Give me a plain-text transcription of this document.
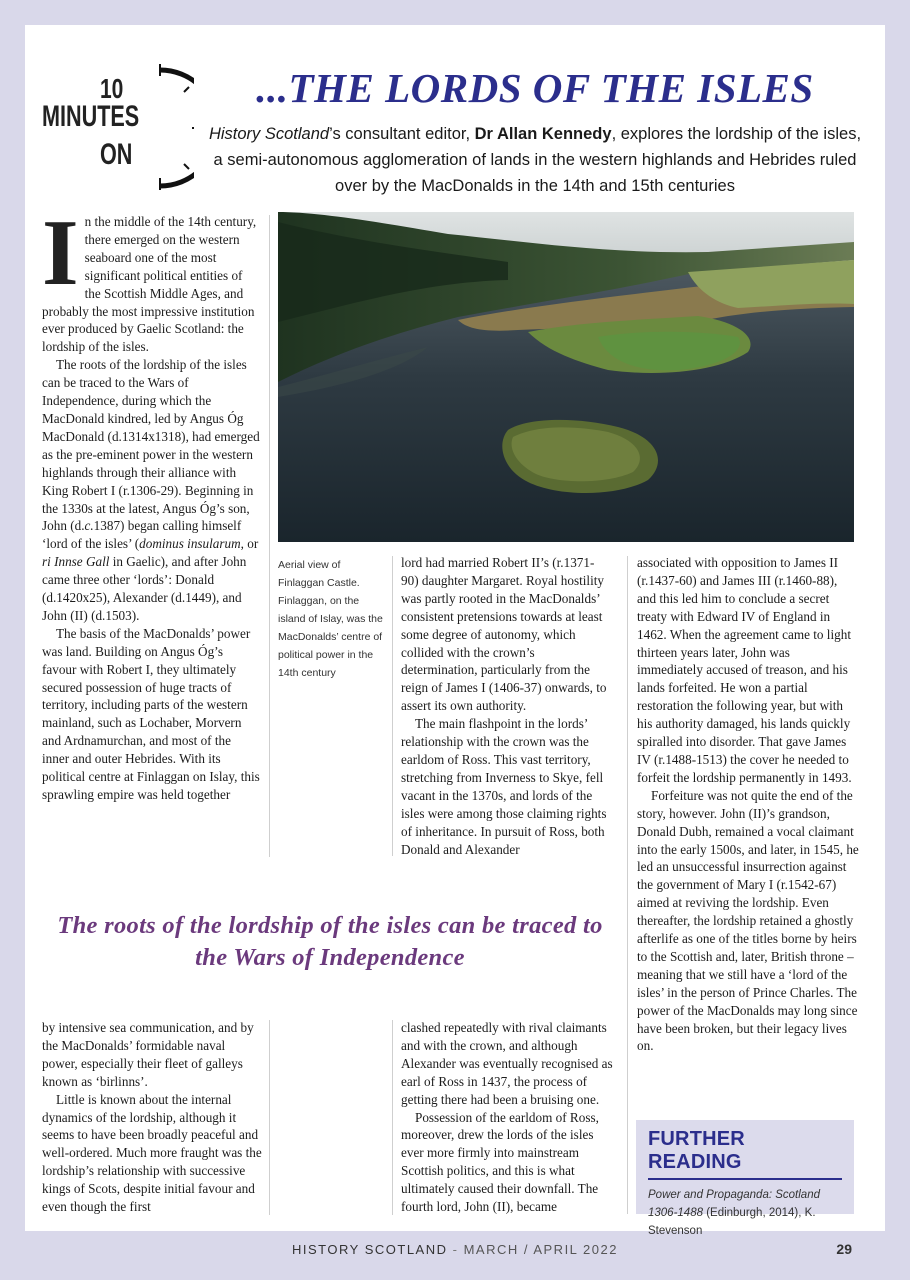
10
MINUTES
ON
...THE LORDS OF THE ISLES
History Scotland’s consultant editor, Dr Allan Kennedy, explores the lordship of the isles, a semi-autonomous agglomeration of lands in the western highlands and Hebrides ruled over by the MacDonalds in the 14th and 15th centuries
I n the middle of the 14th century, there emerged on the western seaboard one of the most significant political entities of the Scottish Middle Ages, and probably the most impressive institution ever produced by Gaelic Scotland: the lordship of the isles.

The roots of the lordship of the isles can be traced to the Wars of Independence, during which the MacDonald kindred, led by Angus Óg MacDonald (d.1314x1318), had emerged as the pre-eminent power in the western highlands through their alliance with King Robert I (r.1306-29). Beginning in the 1330s at the latest, Angus Óg’s son, John (d.c.1387) began calling himself ‘lord of the isles’ (dominus insularum, or ri Innse Gall in Gaelic), and after John came three other ‘lords’: Donald (d.1420x25), Alexander (d.1449), and John (II) (d.1503).

The basis of the MacDonalds’ power was land. Building on Angus Óg’s favour with Robert I, they ultimately secured possession of huge tracts of territory, including parts of the western mainland, such as Lochaber, Morvern and Ardnamurchan, and most of the inner and outer Hebrides. With its political centre at Finlaggan on Islay, this sprawling empire was held together

Aerial view of Finlaggan Castle. Finlaggan, on the island of Islay, was the MacDonalds’ centre of political power in the 14th century

lord had married Robert II’s (r.1371-90) daughter Margaret. Royal hostility was partly rooted in the MacDonalds’ consistent pretensions towards at least some degree of autonomy, which collided with the crown’s determination, particularly from the reign of James I (1406-37) onwards, to assert its own authority.

The main flashpoint in the lords’ relationship with the crown was the earldom of Ross. This vast territory, stretching from Inverness to Skye, fell vacant in the 1370s, and lords of the isles were among those claiming rights of inheritance. In pursuit of Ross, both Donald and Alexander

associated with opposition to James II (r.1437-60) and James III (r.1460-88), and this led him to conclude a secret treaty with Edward IV of England in 1462. When the agreement came to light thirteen years later, John was immediately accused of treason, and his lands forfeited. He won a partial restoration the following year, but with his authority damaged, his lands quickly spiralled into disorder. That gave James IV (r.1488-1513) the cover he needed to forfeit the lordship permanently in 1493.

Forfeiture was not quite the end of the story, however. John (II)’s grandson, Donald Dubh, remained a vocal claimant into the early 1500s, and later, in 1545, he led an unsuccessful insurrection against the government of Mary I (r.1542-67) aimed at reviving the lordship. Even thereafter, the lordship retained a ghostly afterlife as one of the titles borne by heirs to the Scottish and, later, British throne – meaning that we still have a ‘lord of the isles’ in the person of Prince Charles. The power of the MacDonalds may long since have been broken, but their legacy lives on.

The roots of the lordship of the isles can be traced to the Wars of Independence

by intensive sea communication, and by the MacDonalds’ formidable naval power, especially their fleet of galleys known as ‘birlinns’.

Little is known about the internal dynamics of the lordship, although it seems to have been broadly peaceful and well-ordered. Much more fraught was the lordship’s relationship with successive kings of Scots, despite initial favour and even though the first

clashed repeatedly with rival claimants and with the crown, and although Alexander was eventually recognised as earl of Ross in 1437, the process of getting there had been a bruising one.

Possession of the earldom of Ross, moreover, drew the lords of the isles ever more firmly into mainstream Scottish politics, and this is what ultimately caused their downfall. The fourth lord, John (II), became

FURTHER READING
Power and Propaganda: Scotland 1306-1488 (Edinburgh, 2014), K. Stevenson
HISTORY SCOTLAND - MARCH / APRIL 2022	29
